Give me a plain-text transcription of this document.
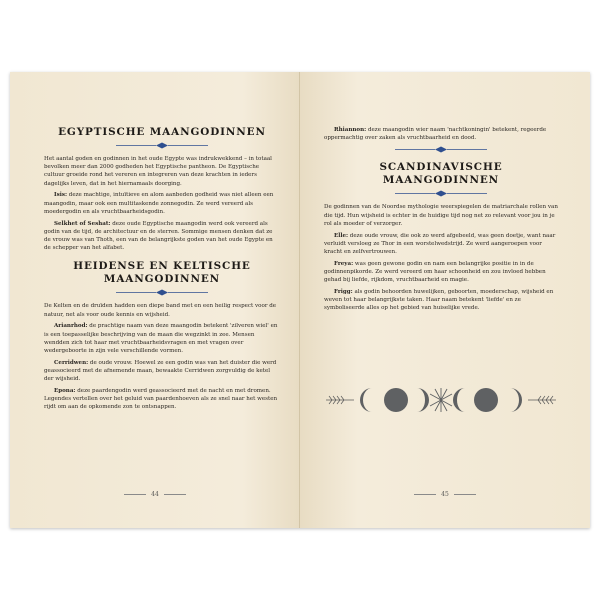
EGYPTISCHE MAANGODINNEN

Het aantal goden en godinnen in het oude Egypte was indrukwekkend – in totaal bevolken meer dan 2000 godheden het Egyptische pantheon. De Egyptische cultuur groeide rond het vereren en integreren van deze krachten in ieders dagelijks leven, dat in het hiernamaals doorging.

Isis: deze machtige, intuïtieve en alom aanbeden godheid was niet alleen een maangodin, maar ook een multitaskende zonnegodin. Ze werd vereerd als moedergodin en als vruchtbaarheidsgodin.

Selkhet of Seshat: deze oude Egyptische maangodin werd ook vereerd als godin van de tijd, de architectuur en de sterren. Sommige mensen denken dat ze de vrouw was van Thoth, een van de belangrijkste goden van het oude Egypte en de schepper van het alfabet.

HEIDENSE EN KELTISCHE MAANGODINNEN

De Kelten en de druïden hadden een diepe band met en een heilig respect voor de natuur, net als voor oude kennis en wijsheid.

Arianrhod: de prachtige naam van deze maangodin betekent 'zilveren wiel' en is een toepasselijke beschrijving van de maan die wegzinkt in zee. Mensen wendden zich tot haar met vruchtbaarheidsvragen en met vragen over wedergeboorte in zijn vele verschillende vormen.

Cerridwen: de oude vrouw. Hoewel ze een godin was van het duister die werd geassocieerd met de afnemende maan, bewaakte Cerridwen zorgvuldig de ketel der wijsheid.

Epona: deze paardengodin werd geassocieerd met de nacht en met dromen. Legendes vertellen over het geluid van paardenhoeven als ze snel naar het westen rijdt om aan de opkomende zon te ontsnappen.

44

Rhiannon: deze maangodin wier naam 'nachtkoningin' betekent, regeerde oppermachtig over zaken als vruchtbaarheid en dood.

SCANDINAVISCHE MAANGODINNEN

De godinnen van de Noordse mythologie weerspiegelen de matriarchale rollen van die tijd. Hun wijsheid is echter in de huidige tijd nog net zo relevant voor jou in je rol als moeder of verzorger.

Elle: deze oude vrouw, die ook zo werd afgebeeld, was geen doetje, want naar verluidt versloeg ze Thor in een worstelwedstrijd. Ze werd aangeroepen voor kracht en zelfvertrouwen.

Freya: was geen gewone godin en nam een belangrijke positie in in de godinnenpikorde. Ze werd vereerd om haar schoonheid en zou invloed hebben gehad bij liefde, rijkdom, vruchtbaarheid en magie.

Frigg: als godin behoorden huwelijken, geboorten, moederschap, wijsheid en weven tot haar belangrijkste taken. Haar naam betekent 'liefde' en ze symboliseerde alles op het gebied van huiselijke vrede.

45
